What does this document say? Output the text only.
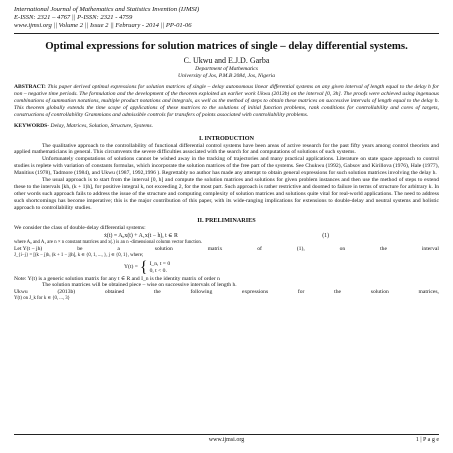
International Journal of Mathematics and Statistics Invention (IJMSI)
E-ISSN: 2321 – 4767 || P-ISSN: 2321 - 4759
www.ijmsi.org || Volume 2 || Issue 2 || February - 2014 || PP-01-06
Optimal expressions for solution matrices of single – delay differential systems.
C. Ukwu and E.J.D. Garba
Department of Mathematics
University of Jos, P.M.B 2084, Jos, Nigeria
ABSTRACT: This paper derived optimal expressions for solution matrices of single – delay autonomous linear differential systems on any given interval of length equal to the delay h for non – negative time periods. The formulation and the development of the theorem exploited an earlier work Ukwu (2013b) on the interval [0, 3h]. The proofs were achieved using ingenuous combinations of summation notations, multiple product notations and integrals, as well as the method of steps to obtain these matrices on successive intervals of length equal to the delay h. This theorem globally extends the time scope of applications of these matrices to the solutions of initial function problems, rank conditions for controllability and cores of targets, constructions of controllability Grammians and admissible controls for transfers of points associated with controllability problems.
KEYWORDS- Delay, Matrices, Solution, Structure, Systems.
I. INTRODUCTION
The qualitative approach to the controllability of functional differential control systems have been areas of active research for the past fifty years among control theorists and applied mathematicians in general. This circumvents the severe difficulties associated with the search for and computations of solutions of such systems.
Unfortunately computations of solutions cannot be wished away in the tracking of trajectories and many practical applications. Literature on state space approach to control studies is replete with variation of constants formulas, which incorporate the solution matrices of the free part of the systems. See Chukwu (1992), Gabsov and Kirillova (1976), Hale (1977), Manitius (1978), Tadmore (1984), and Ukwu (1987, 1992,1996 ). Regrettably no author has made any attempt to obtain general expressions for such solution matrices involving the delay h.
The usual approach is to start from the interval [0, h] and compute the solution matrices and solutions for given problem instances and then use the method of steps to extend these to the intervals [kh, (k + 1)h], for positive integral k, not exceeding 2, for the most part. Such approach is rather restrictive and doomed to failure in terms of structure for arbitrary k. In other words such approach fails to address the issue of the structure and computing complexity of solution matrices and solutions quite vital for real-world applications. The need to address such shortcomings has become imperative; this is the major contribution of this paper, with its wide-ranging implications for extensions to double-delay and neutral systems and holistic approach to controllability studies.
II. PRELIMINARIES
We consider the class of double-delay differential systems:
ẋ(t) = A₀x(t) + A₁x(t − h), t ∈ R	(1)
where A₀ and A₁ are n × n constant matrices and x(.) is an n -dimensional column vector function.
Let Y(t − jh)	be	a	solution	matrix	of	(1),	on	the	interval
J_{i−j} = [(k − j)h, (k + 1 − j)h], k ∈ {0, 1, ..., }, j ∈ {0, 1}, where;
Y(t) = { I_n, t = 0
0, t < 0.
Note: Y(t) is a generic solution matrix for any t ∈ R and I_n is the identity matrix of order n
The solution matrices will be obtained piece – wise on successive intervals of length h.
Ukwu	(2013b)	obtained	the	following	expressions	for	the	solution	matrices,
Y(t) on J_k for k ∈ {0, ..., 3}
www.ijmsi.org	1 | P a g e
